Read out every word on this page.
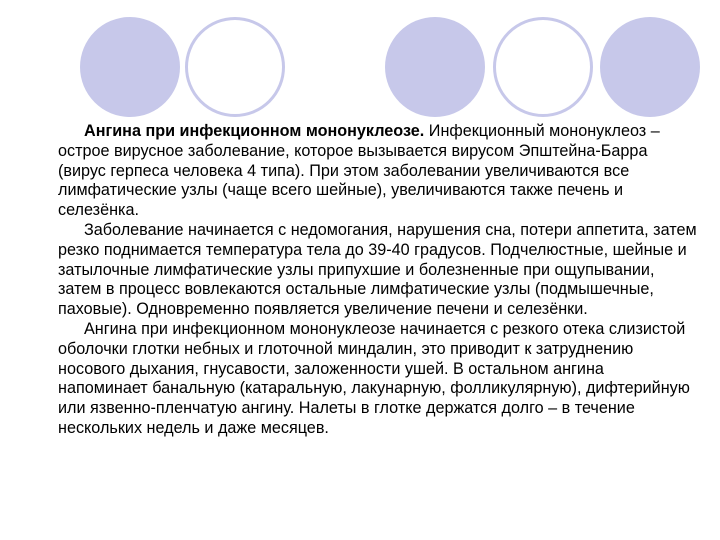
Ангина при инфекционном мононуклеозе. Инфекционный мононуклеоз –острое вирусное заболевание, которое вызывается вирусом Эпштейна-Барра (вирус герпеса человека 4 типа). При этом заболевании увеличиваются все лимфатические узлы (чаще всего шейные), увеличиваются также печень и селезёнка.

Заболевание начинается с недомогания, нарушения сна, потери аппетита, затем резко поднимается температура тела до 39-40 градусов. Подчелюстные, шейные и затылочные лимфатические узлы припухшие и болезненные при ощупывании, затем в процесс вовлекаются остальные лимфатические узлы (подмышечные, паховые). Одновременно появляется увеличение печени и селезёнки.

Ангина при инфекционном мононуклеозе начинается с резкого отека слизистой оболочки глотки небных и глоточной миндалин, это приводит к затруднению носового дыхания, гнусавости, заложенности ушей. В остальном ангина напоминает банальную (катаральную, лакунарную, фолликулярную), дифтерийную или язвенно-пленчатую ангину. Налеты в глотке держатся долго – в течение нескольких недель и даже месяцев.
